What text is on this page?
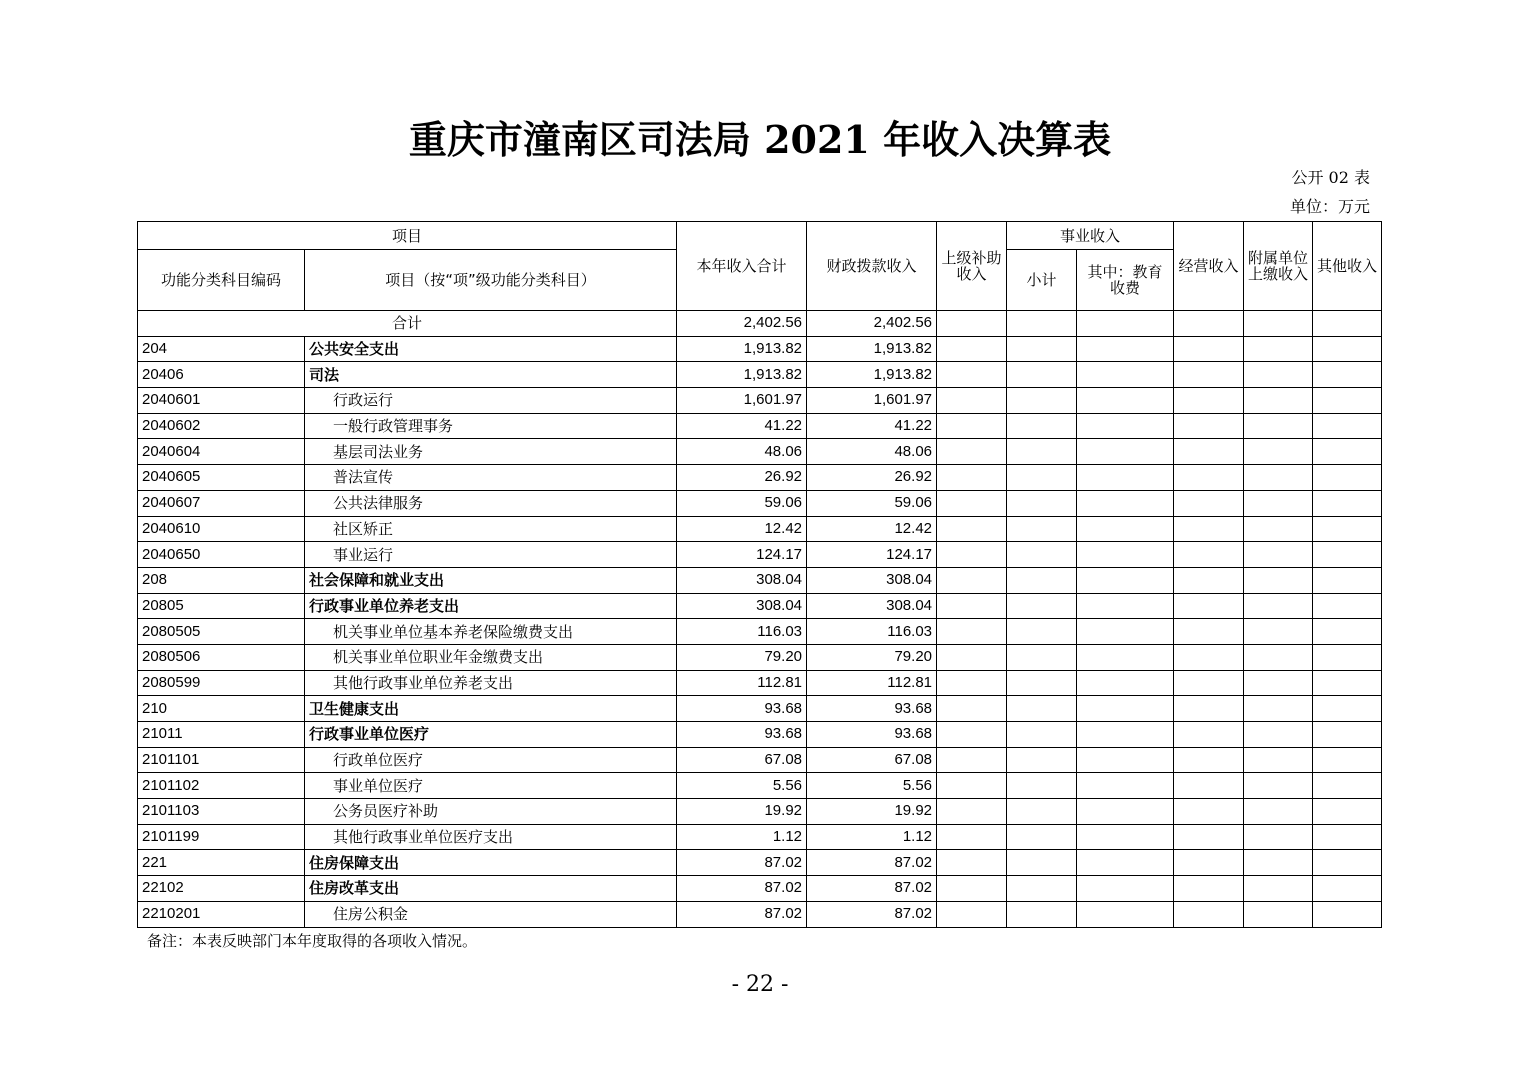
重庆市潼南区司法局 2021 年收入决算表
公开 02 表
单位：万元
项目		本年收入合计	财政拨款收入	上级补助收入	事业收入		经营收入	附属单位上缴收入	其他收入
功能分类科目编码	项目（按“项”级功能分类科目）				小计	其中：教育收费			
合计		2,402.56	2,402.56						
204	公共安全支出	1,913.82	1,913.82						
20406	司法	1,913.82	1,913.82						
2040601	行政运行	1,601.97	1,601.97						
2040602	一般行政管理事务	41.22	41.22						
2040604	基层司法业务	48.06	48.06						
2040605	普法宣传	26.92	26.92						
2040607	公共法律服务	59.06	59.06						
2040610	社区矫正	12.42	12.42						
2040650	事业运行	124.17	124.17						
208	社会保障和就业支出	308.04	308.04						
20805	行政事业单位养老支出	308.04	308.04						
2080505	机关事业单位基本养老保险缴费支出	116.03	116.03						
2080506	机关事业单位职业年金缴费支出	79.20	79.20						
2080599	其他行政事业单位养老支出	112.81	112.81						
210	卫生健康支出	93.68	93.68						
21011	行政事业单位医疗	93.68	93.68						
2101101	行政单位医疗	67.08	67.08						
2101102	事业单位医疗	5.56	5.56						
2101103	公务员医疗补助	19.92	19.92						
2101199	其他行政事业单位医疗支出	1.12	1.12						
221	住房保障支出	87.02	87.02						
22102	住房改革支出	87.02	87.02						
2210201	住房公积金	87.02	87.02						
备注：本表反映部门本年度取得的各项收入情况。
- 22 -
